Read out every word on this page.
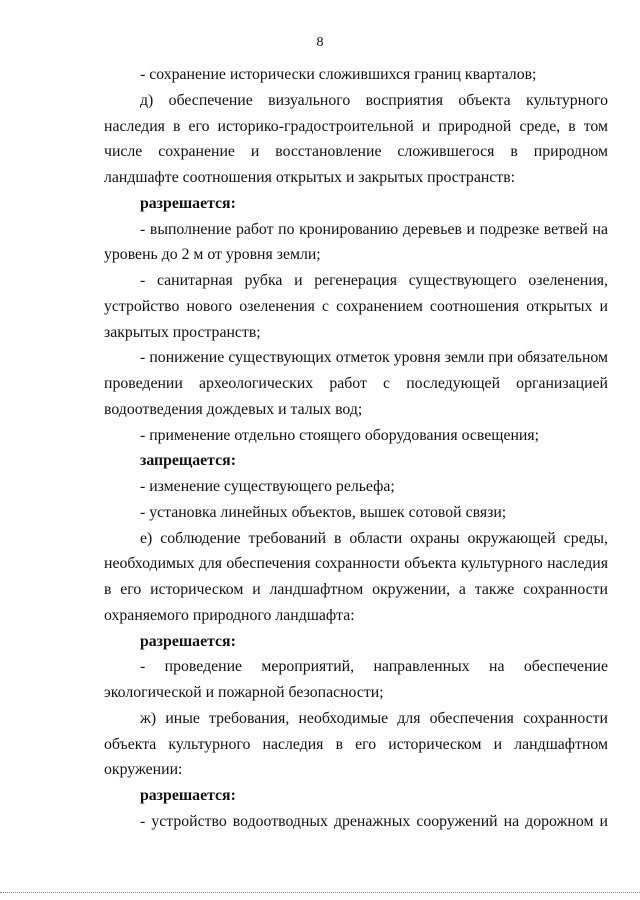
8

- сохранение исторически сложившихся границ кварталов;

д) обеспечение визуального восприятия объекта культурного наследия в его историко-градостроительной и природной среде, в том числе сохранение и восстановление сложившегося в природном ландшафте соотношения открытых и закрытых пространств:

разрешается:

- выполнение работ по кронированию деревьев и подрезке ветвей на уровень до 2 м от уровня земли;

- санитарная рубка и регенерация существующего озеленения, устройство нового озеленения с сохранением соотношения открытых и закрытых пространств;

- понижение существующих отметок уровня земли при обязательном проведении археологических работ с последующей организацией водоотведения дождевых и талых вод;

- применение отдельно стоящего оборудования освещения;

запрещается:

- изменение существующего рельефа;

- установка линейных объектов, вышек сотовой связи;

е) соблюдение требований в области охраны окружающей среды, необходимых для обеспечения сохранности объекта культурного наследия в его историческом и ландшафтном окружении, а также сохранности охраняемого природного ландшафта:

разрешается:

- проведение мероприятий, направленных на обеспечение экологической и пожарной безопасности;

ж) иные требования, необходимые для обеспечения сохранности объекта культурного наследия в его историческом и ландшафтном окружении:

разрешается:

- устройство водоотводных дренажных сооружений на дорожном и
